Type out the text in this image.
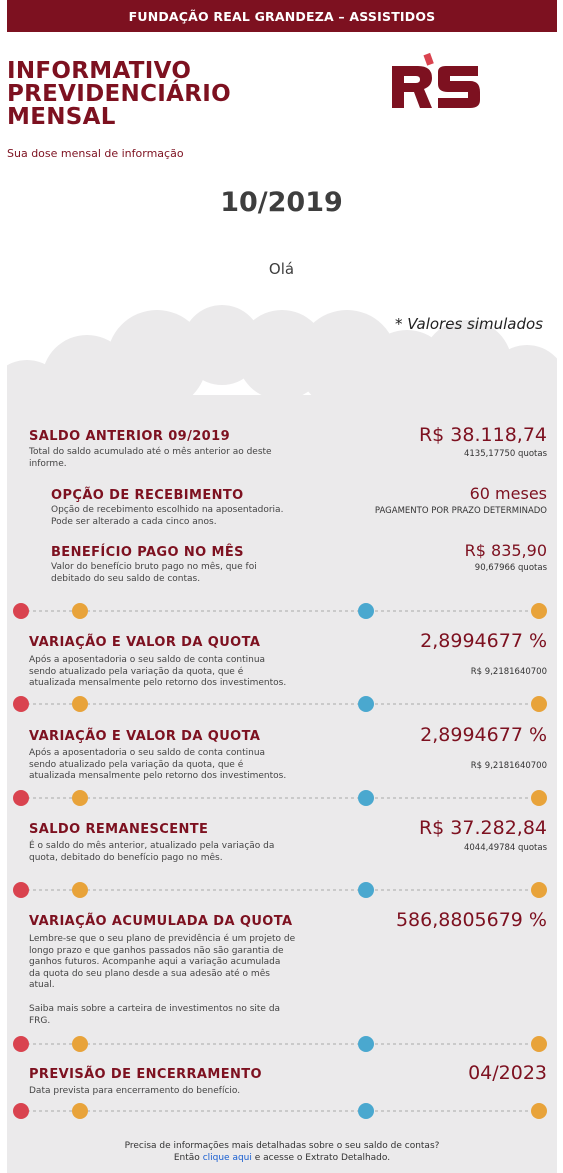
FUNDAÇÃO REAL GRANDEZA – ASSISTIDOS
INFORMATIVO
PREVIDENCIÁRIO
MENSAL
Sua dose mensal de informação
10/2019
Olá
* Valores simulados
SALDO ANTERIOR 09/2019
Total do saldo acumulado até o mês anterior ao deste
informe.
R$ 38.118,74
4135,17750 quotas
OPÇÃO DE RECEBIMENTO
Opção de recebimento escolhido na aposentadoria.
Pode ser alterado a cada cinco anos.
60 meses
PAGAMENTO POR PRAZO DETERMINADO
BENEFÍCIO PAGO NO MÊS
Valor do benefício bruto pago no mês, que foi
debitado do seu saldo de contas.
R$ 835,90
90,67966 quotas
VARIAÇÃO E VALOR DA QUOTA
Após a aposentadoria o seu saldo de conta continua
sendo atualizado pela variação da quota, que é
atualizada mensalmente pelo retorno dos investimentos.
2,8994677 %
R$ 9,2181640700
VARIAÇÃO E VALOR DA QUOTA
Após a aposentadoria o seu saldo de conta continua
sendo atualizado pela variação da quota, que é
atualizada mensalmente pelo retorno dos investimentos.
2,8994677 %
R$ 9,2181640700
SALDO REMANESCENTE
É o saldo do mês anterior, atualizado pela variação da
quota, debitado do benefício pago no mês.
R$ 37.282,84
4044,49784 quotas
VARIAÇÃO ACUMULADA DA QUOTA
Lembre-se que o seu plano de previdência é um projeto de
longo prazo e que ganhos passados não são garantia de
ganhos futuros. Acompanhe aqui a variação acumulada
da quota do seu plano desde a sua adesão até o mês
atual.
Saiba mais sobre a carteira de investimentos no site da
FRG.
586,8805679 %
PREVISÃO DE ENCERRAMENTO
Data prevista para encerramento do benefício.
04/2023
Precisa de informações mais detalhadas sobre o seu saldo de contas?
Então clique aqui e acesse o Extrato Detalhado.
